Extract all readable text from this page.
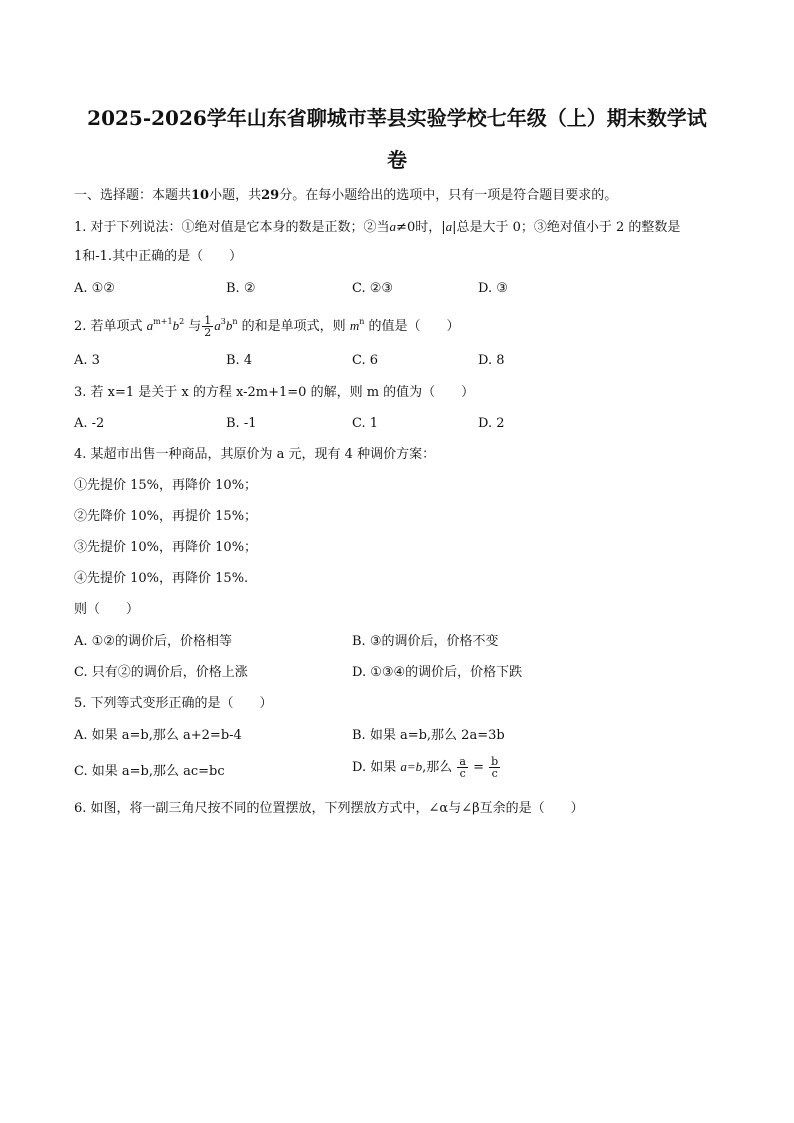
2025-2026学年山东省聊城市莘县实验学校七年级（上）期末数学试
卷
一、选择题：本题共10小题，共29分。在每小题给出的选项中，只有一项是符合题目要求的。
1. 对于下列说法：①绝对值是它本身的数是正数；②当a≠0时，|a|总是大于 0；③绝对值小于 2 的整数是
1和-1.其中正确的是（　　）
A. ①②	B. ②	C. ②③	D. ③
2. 若单项式 $a^{m+1}b^2$ 与 $\frac{1}{2} a^3b^n$ 的和是单项式，则 $m^n$ 的值是（　　）
A. 3	B. 4	C. 6	D. 8
3. 若 x=1 是关于 x 的方程 x-2m+1=0 的解，则 m 的值为（　　）
A. -2	B. -1	C. 1	D. 2
4. 某超市出售一种商品，其原价为 a 元，现有 4 种调价方案：
①先提价 15%，再降价 10%；
②先降价 10%，再提价 15%；
③先提价 10%，再降价 10%；
④先提价 10%，再降价 15%.
则（　　）
A. ①②的调价后，价格相等	B. ③的调价后，价格不变
C. 只有②的调价后，价格上涨	D. ①③④的调价后，价格下跌
5. 下列等式变形正确的是（　　）
A. 如果 a=b,那么 a+2=b-4	B. 如果 a=b,那么 2a=3b
C. 如果 a=b,那么 ac=bc	D. 如果 a=b,那么 $\frac{a}{c} = \frac{b}{c}$
6. 如图，将一副三角尺按不同的位置摆放，下列摆放方式中，∠α与∠β互余的是（　　）
